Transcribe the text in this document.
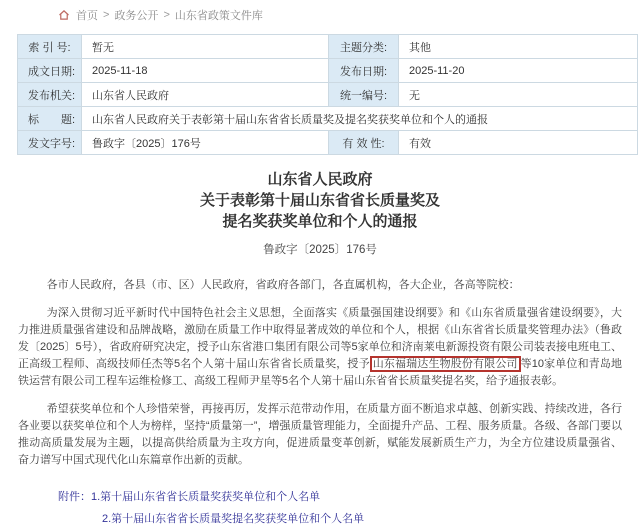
首页 > 政务公开 > 山东省政策文件库
索 引 号:	暂无	主题分类:	其他
成文日期:	2025-11-18	发布日期:	2025-11-20
发布机关:	山东省人民政府	统一编号:	无
标　　题:	山东省人民政府关于表彰第十届山东省省长质量奖及提名奖获奖单位和个人的通报		
发文字号:	鲁政字〔2025〕176号	有 效 性:	有效
山东省人民政府
关于表彰第十届山东省省长质量奖及
提名奖获奖单位和个人的通报
鲁政字〔2025〕176号

各市人民政府，各县（市、区）人民政府，省政府各部门，各直属机构，各大企业，各高等院校：

为深入贯彻习近平新时代中国特色社会主义思想，全面落实《质量强国建设纲要》和《山东省质量强省建设纲要》，大力推进质量强省建设和品牌战略，激励在质量工作中取得显著成效的单位和个人，根据《山东省省长质量奖管理办法》（鲁政发〔2025〕5号），省政府研究决定，授予山东省港口集团有限公司等5家单位和济南莱电新源投资有限公司装表接电班电工、正高级工程师、高级技师任杰等5名个人第十届山东省省长质量奖，授予 山东福瑞达生物股份有限公司 等10家单位和青岛地铁运营有限公司工程车运维检修工、高级工程师尹星等5名个人第十届山东省省长质量奖提名奖，给予通报表彰。

希望获奖单位和个人珍惜荣誉，再接再厉，发挥示范带动作用，在质量方面不断追求卓越、创新实践、持续改进，各行各业要以获奖单位和个人为榜样，坚持“质量第一”，增强质量管理能力，全面提升产品、工程、服务质量。各级、各部门要以推动高质量发展为主题，以提高供给质量为主攻方向，促进质量变革创新，赋能发展新质生产力，为全方位建设质量强省、奋力谱写中国式现代化山东篇章作出新的贡献。

附件：1.第十届山东省省长质量奖获奖单位和个人名单
2.第十届山东省省长质量奖提名奖获奖单位和个人名单
